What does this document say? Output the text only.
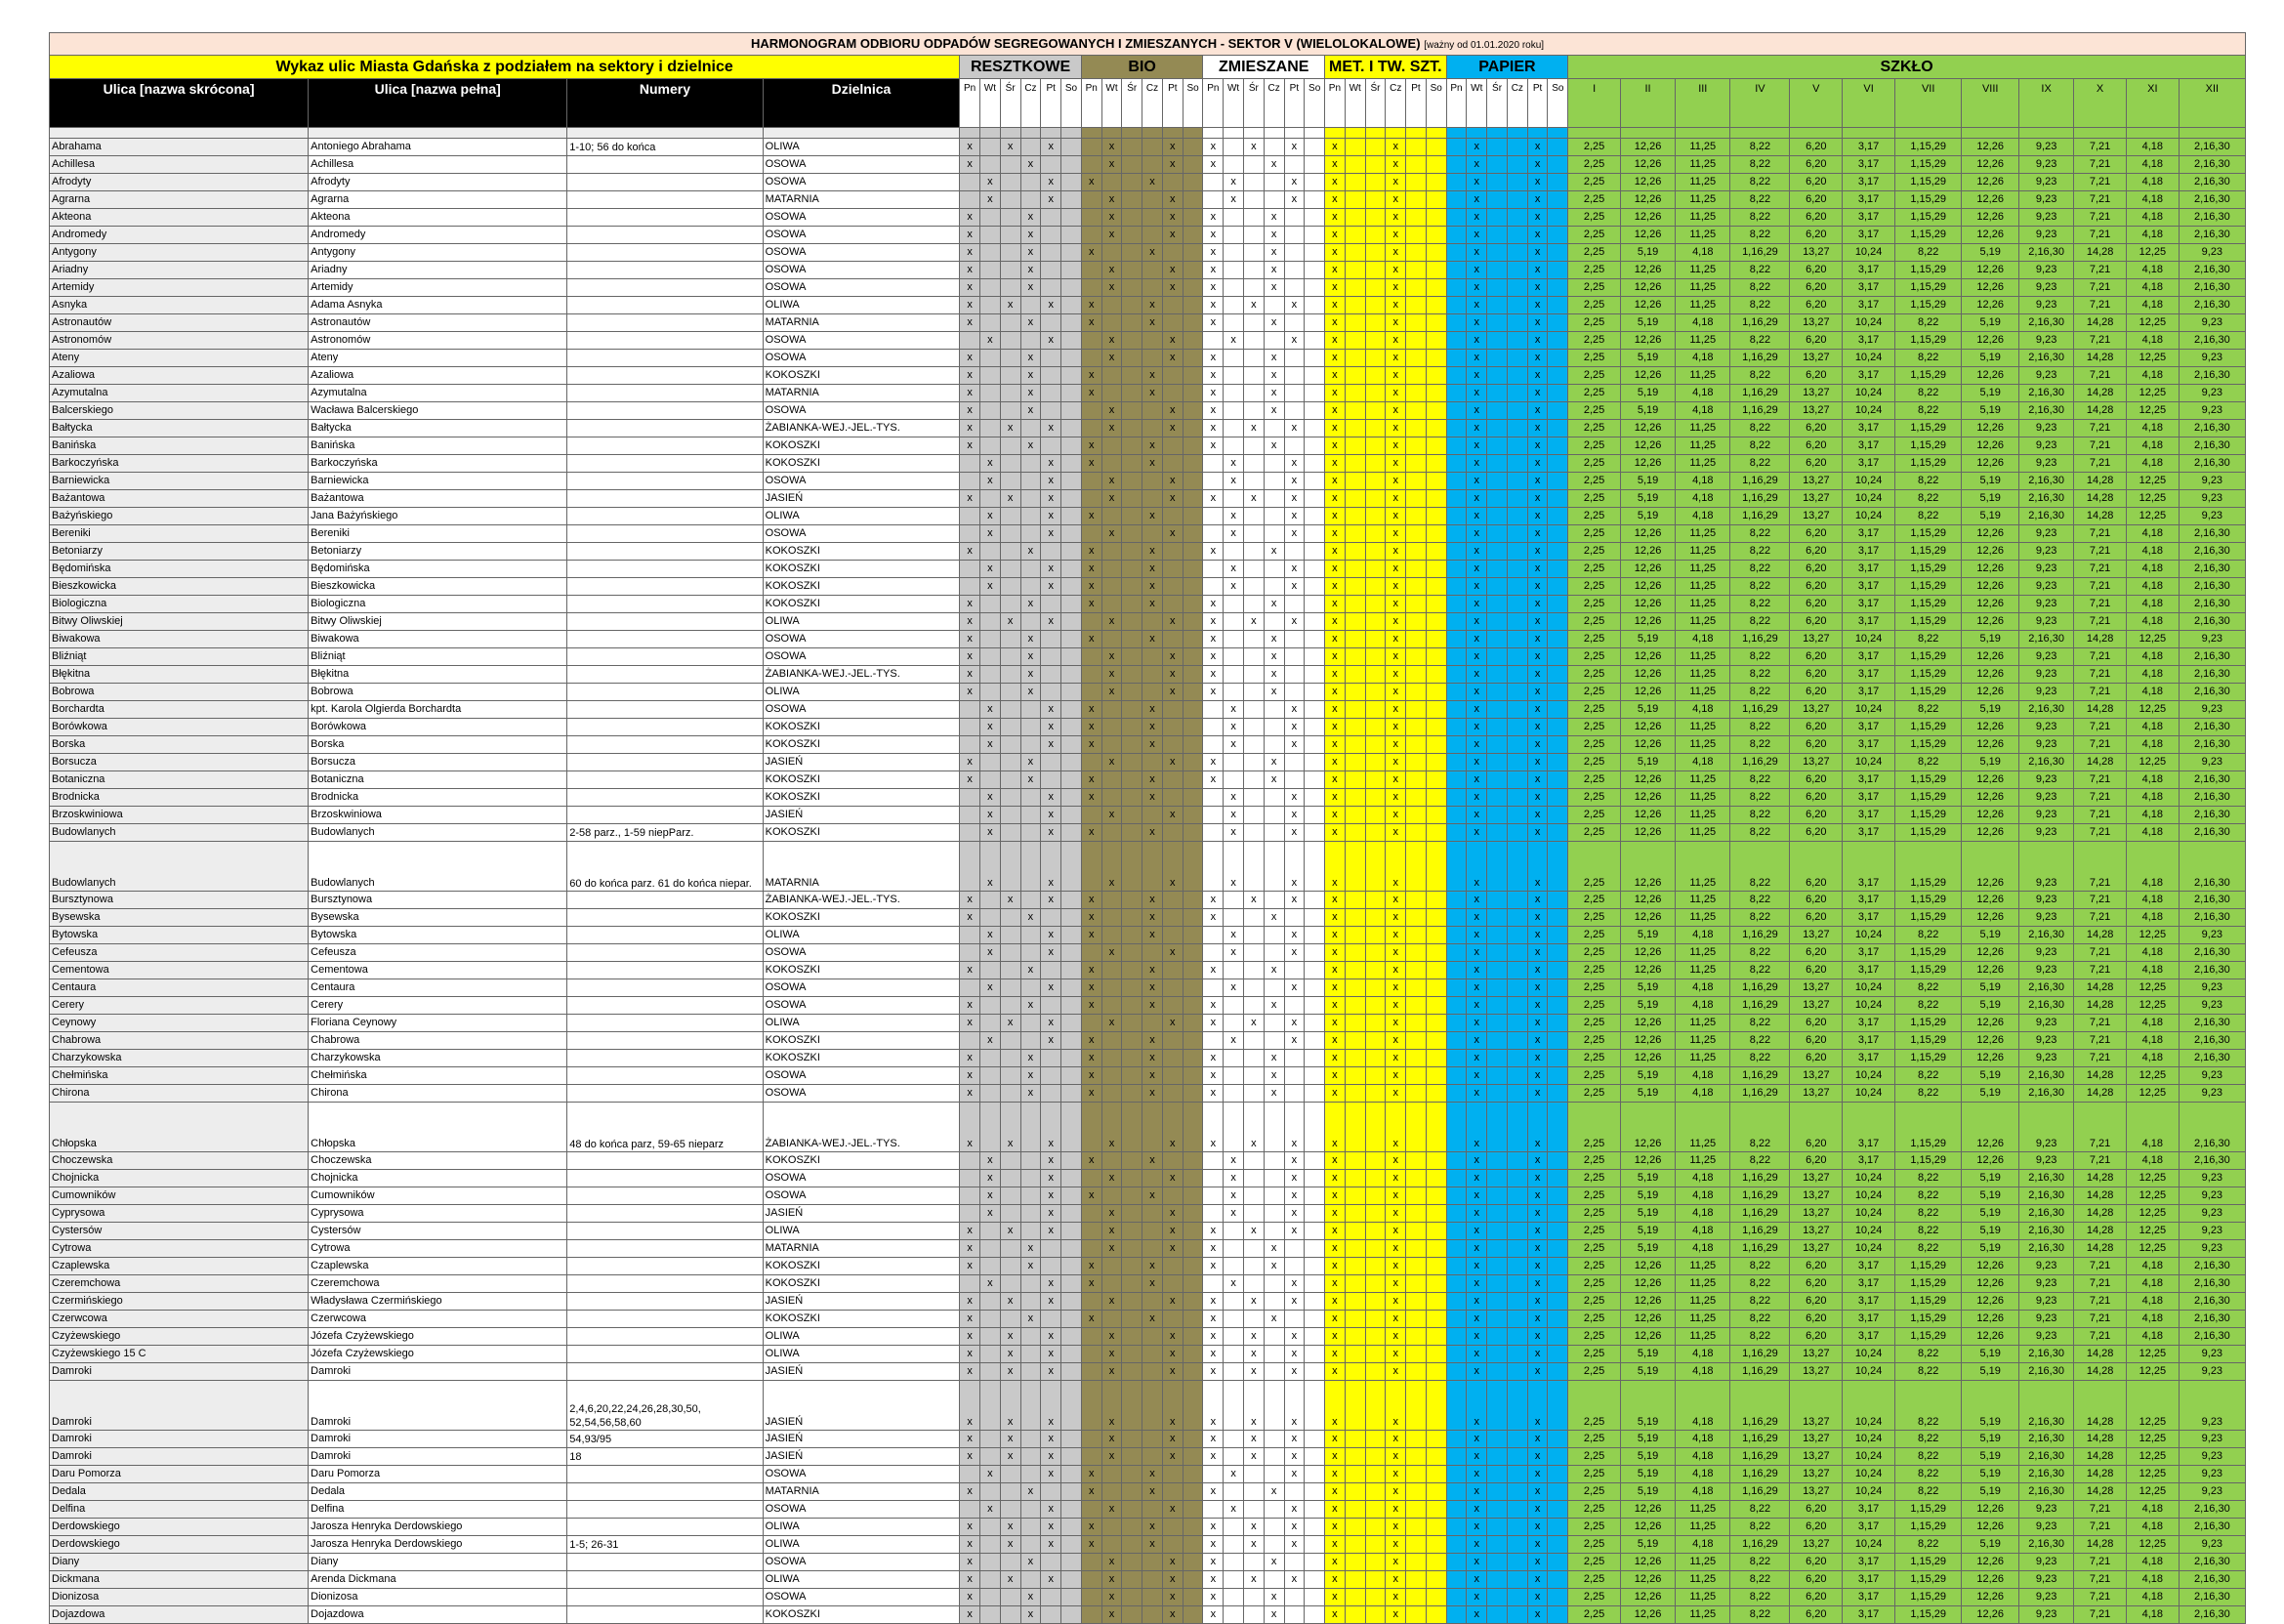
HARMONOGRAM ODBIORU ODPADÓW SEGREGOWANYCH I ZMIESZANYCH - SEKTOR V (WIELOLOKALOWE) [ważny od 01.01.2020 roku]																																													
Wykaz ulic Miasta Gdańska z podziałem na sektory i dzielnice				RESZTKOWE						BIO						ZMIESZANE						MET. I TW. SZT.						PAPIER						SZKŁO											
Ulica [nazwa skrócona]	Ulica [nazwa pełna]	Numery	Dzielnica	Pn	Wt	Śr	Cz	Pt	So	Pn	Wt	Śr	Cz	Pt	So	Pn	Wt	Śr	Cz	Pt	So	Pn	Wt	Śr	Cz	Pt	So	Pn	Wt	Śr	Cz	Pt	So	I	II	III	IV	V	VI	VII	VIII	IX	X	XI	XII

Abrahama	Antoniego Abrahama	1-10; 56 do końca	OLIWA	x		x		x			x			x		x		x		x		x			x				x			x		2,25	12,26	11,25	8,22	6,20	3,17	1,15,29	12,26	9,23	7,21	4,18	2,16,30
Achillesa	Achillesa		OSOWA	x			x				x			x		x			x			x			x				x			x		2,25	12,26	11,25	8,22	6,20	3,17	1,15,29	12,26	9,23	7,21	4,18	2,16,30
Afrodyty	Afrodyty		OSOWA		x			x		x			x				x			x		x			x				x			x		2,25	12,26	11,25	8,22	6,20	3,17	1,15,29	12,26	9,23	7,21	4,18	2,16,30
Agrarna	Agrarna		MATARNIA		x			x			x			x			x			x		x			x				x			x		2,25	12,26	11,25	8,22	6,20	3,17	1,15,29	12,26	9,23	7,21	4,18	2,16,30
Akteona	Akteona		OSOWA	x			x				x			x		x			x			x			x				x			x		2,25	12,26	11,25	8,22	6,20	3,17	1,15,29	12,26	9,23	7,21	4,18	2,16,30
Andromedy	Andromedy		OSOWA	x			x				x			x		x			x			x			x				x			x		2,25	12,26	11,25	8,22	6,20	3,17	1,15,29	12,26	9,23	7,21	4,18	2,16,30
Antygony	Antygony		OSOWA	x			x			x			x			x			x			x			x				x			x		2,25	5,19	4,18	1,16,29	13,27	10,24	8,22	5,19	2,16,30	14,28	12,25	9,23
Ariadny	Ariadny		OSOWA	x			x				x			x		x			x			x			x				x			x		2,25	12,26	11,25	8,22	6,20	3,17	1,15,29	12,26	9,23	7,21	4,18	2,16,30
Artemidy	Artemidy		OSOWA	x			x				x			x		x			x			x			x				x			x		2,25	12,26	11,25	8,22	6,20	3,17	1,15,29	12,26	9,23	7,21	4,18	2,16,30
Asnyka	Adama Asnyka		OLIWA	x		x		x		x			x			x		x		x		x			x				x			x		2,25	12,26	11,25	8,22	6,20	3,17	1,15,29	12,26	9,23	7,21	4,18	2,16,30
Astronautów	Astronautów		MATARNIA	x			x			x			x			x			x			x			x				x			x		2,25	5,19	4,18	1,16,29	13,27	10,24	8,22	5,19	2,16,30	14,28	12,25	9,23
Astronomów	Astronomów		OSOWA		x			x			x			x			x			x		x			x				x			x		2,25	12,26	11,25	8,22	6,20	3,17	1,15,29	12,26	9,23	7,21	4,18	2,16,30
Ateny	Ateny		OSOWA	x			x				x			x		x			x			x			x				x			x		2,25	5,19	4,18	1,16,29	13,27	10,24	8,22	5,19	2,16,30	14,28	12,25	9,23
Azaliowa	Azaliowa		KOKOSZKI	x			x			x			x			x			x			x			x				x			x		2,25	12,26	11,25	8,22	6,20	3,17	1,15,29	12,26	9,23	7,21	4,18	2,16,30
Azymutalna	Azymutalna		MATARNIA	x			x			x			x			x			x			x			x				x			x		2,25	5,19	4,18	1,16,29	13,27	10,24	8,22	5,19	2,16,30	14,28	12,25	9,23
Balcerskiego	Wacława Balcerskiego		OSOWA	x			x				x			x		x			x			x			x				x			x		2,25	5,19	4,18	1,16,29	13,27	10,24	8,22	5,19	2,16,30	14,28	12,25	9,23
Bałtycka	Bałtycka		ŻABIANKA-WEJ.-JEL.-TYS.	x		x		x			x			x		x		x		x		x			x				x			x		2,25	12,26	11,25	8,22	6,20	3,17	1,15,29	12,26	9,23	7,21	4,18	2,16,30
Banińska	Banińska		KOKOSZKI	x			x			x			x			x			x			x			x				x			x		2,25	12,26	11,25	8,22	6,20	3,17	1,15,29	12,26	9,23	7,21	4,18	2,16,30
Barkoczyńska	Barkoczyńska		KOKOSZKI		x			x		x			x				x			x		x			x				x			x		2,25	12,26	11,25	8,22	6,20	3,17	1,15,29	12,26	9,23	7,21	4,18	2,16,30
Barniewicka	Barniewicka		OSOWA		x			x			x			x			x			x		x			x				x			x		2,25	5,19	4,18	1,16,29	13,27	10,24	8,22	5,19	2,16,30	14,28	12,25	9,23
Bażantowa	Bażantowa		JASIEŃ	x		x		x			x			x		x		x		x		x			x				x			x		2,25	5,19	4,18	1,16,29	13,27	10,24	8,22	5,19	2,16,30	14,28	12,25	9,23
Bażyńskiego	Jana Bażyńskiego		OLIWA		x			x		x			x				x			x		x			x				x			x		2,25	5,19	4,18	1,16,29	13,27	10,24	8,22	5,19	2,16,30	14,28	12,25	9,23
Bereniki	Bereniki		OSOWA		x			x			x			x			x			x		x			x				x			x		2,25	12,26	11,25	8,22	6,20	3,17	1,15,29	12,26	9,23	7,21	4,18	2,16,30
Betoniarzy	Betoniarzy		KOKOSZKI	x			x			x			x			x			x			x			x				x			x		2,25	12,26	11,25	8,22	6,20	3,17	1,15,29	12,26	9,23	7,21	4,18	2,16,30
Będomińska	Będomińska		KOKOSZKI		x			x		x			x				x			x		x			x				x			x		2,25	12,26	11,25	8,22	6,20	3,17	1,15,29	12,26	9,23	7,21	4,18	2,16,30
Bieszkowicka	Bieszkowicka		KOKOSZKI		x			x		x			x				x			x		x			x				x			x		2,25	12,26	11,25	8,22	6,20	3,17	1,15,29	12,26	9,23	7,21	4,18	2,16,30
Biologiczna	Biologiczna		KOKOSZKI	x			x			x			x			x			x			x			x				x			x		2,25	12,26	11,25	8,22	6,20	3,17	1,15,29	12,26	9,23	7,21	4,18	2,16,30
Bitwy Oliwskiej	Bitwy Oliwskiej		OLIWA	x		x		x			x			x		x		x		x		x			x				x			x		2,25	12,26	11,25	8,22	6,20	3,17	1,15,29	12,26	9,23	7,21	4,18	2,16,30
Biwakowa	Biwakowa		OSOWA	x			x			x			x			x			x			x			x				x			x		2,25	5,19	4,18	1,16,29	13,27	10,24	8,22	5,19	2,16,30	14,28	12,25	9,23
Bliźniąt	Bliźniąt		OSOWA	x			x				x			x		x			x			x			x				x			x		2,25	12,26	11,25	8,22	6,20	3,17	1,15,29	12,26	9,23	7,21	4,18	2,16,30
Błękitna	Błękitna		ŻABIANKA-WEJ.-JEL.-TYS.	x			x				x			x		x			x			x			x				x			x		2,25	12,26	11,25	8,22	6,20	3,17	1,15,29	12,26	9,23	7,21	4,18	2,16,30
Bobrowa	Bobrowa		OLIWA	x			x				x			x		x			x			x			x				x			x		2,25	12,26	11,25	8,22	6,20	3,17	1,15,29	12,26	9,23	7,21	4,18	2,16,30
Borchardta	kpt. Karola Olgierda Borchardta		OSOWA		x			x		x			x				x			x		x			x				x			x		2,25	5,19	4,18	1,16,29	13,27	10,24	8,22	5,19	2,16,30	14,28	12,25	9,23
Borówkowa	Borówkowa		KOKOSZKI		x			x		x			x				x			x		x			x				x			x		2,25	12,26	11,25	8,22	6,20	3,17	1,15,29	12,26	9,23	7,21	4,18	2,16,30
Borska	Borska		KOKOSZKI		x			x		x			x				x			x		x			x				x			x		2,25	12,26	11,25	8,22	6,20	3,17	1,15,29	12,26	9,23	7,21	4,18	2,16,30
Borsucza	Borsucza		JASIEŃ	x			x				x			x		x			x			x			x				x			x		2,25	5,19	4,18	1,16,29	13,27	10,24	8,22	5,19	2,16,30	14,28	12,25	9,23
Botaniczna	Botaniczna		KOKOSZKI	x			x			x			x			x			x			x			x				x			x		2,25	12,26	11,25	8,22	6,20	3,17	1,15,29	12,26	9,23	7,21	4,18	2,16,30
Brodnicka	Brodnicka		KOKOSZKI		x			x		x			x				x			x		x			x				x			x		2,25	12,26	11,25	8,22	6,20	3,17	1,15,29	12,26	9,23	7,21	4,18	2,16,30
Brzoskwiniowa	Brzoskwiniowa		JASIEŃ		x			x			x			x			x			x		x			x				x			x		2,25	12,26	11,25	8,22	6,20	3,17	1,15,29	12,26	9,23	7,21	4,18	2,16,30
Budowlanych	Budowlanych	2-58 parz., 1-59 niepParz.	KOKOSZKI		x			x		x			x				x			x		x			x				x			x		2,25	12,26	11,25	8,22	6,20	3,17	1,15,29	12,26	9,23	7,21	4,18	2,16,30
Budowlanych	Budowlanych	60 do końca parz. 61 do końca niepar.	MATARNIA		x			x			x			x			x			x		x			x				x			x		2,25	12,26	11,25	8,22	6,20	3,17	1,15,29	12,26	9,23	7,21	4,18	2,16,30
Bursztynowa	Bursztynowa		ŻABIANKA-WEJ.-JEL.-TYS.	x		x		x		x			x			x		x		x		x			x				x			x		2,25	12,26	11,25	8,22	6,20	3,17	1,15,29	12,26	9,23	7,21	4,18	2,16,30
Bysewska	Bysewska		KOKOSZKI	x			x			x			x			x			x			x			x				x			x		2,25	12,26	11,25	8,22	6,20	3,17	1,15,29	12,26	9,23	7,21	4,18	2,16,30
Bytowska	Bytowska		OLIWA		x			x		x			x				x			x		x			x				x			x		2,25	5,19	4,18	1,16,29	13,27	10,24	8,22	5,19	2,16,30	14,28	12,25	9,23
Cefeusza	Cefeusza		OSOWA		x			x			x			x			x			x		x			x				x			x		2,25	12,26	11,25	8,22	6,20	3,17	1,15,29	12,26	9,23	7,21	4,18	2,16,30
Cementowa	Cementowa		KOKOSZKI	x			x			x			x			x			x			x			x				x			x		2,25	12,26	11,25	8,22	6,20	3,17	1,15,29	12,26	9,23	7,21	4,18	2,16,30
Centaura	Centaura		OSOWA		x			x		x			x				x			x		x			x				x			x		2,25	5,19	4,18	1,16,29	13,27	10,24	8,22	5,19	2,16,30	14,28	12,25	9,23
Cerery	Cerery		OSOWA	x			x			x			x			x			x			x			x				x			x		2,25	5,19	4,18	1,16,29	13,27	10,24	8,22	5,19	2,16,30	14,28	12,25	9,23
Ceynowy	Floriana Ceynowy		OLIWA	x		x		x			x			x		x		x		x		x			x				x			x		2,25	12,26	11,25	8,22	6,20	3,17	1,15,29	12,26	9,23	7,21	4,18	2,16,30
Chabrowa	Chabrowa		KOKOSZKI		x			x		x			x				x			x		x			x				x			x		2,25	12,26	11,25	8,22	6,20	3,17	1,15,29	12,26	9,23	7,21	4,18	2,16,30
Charzykowska	Charzykowska		KOKOSZKI	x			x			x			x			x			x			x			x				x			x		2,25	12,26	11,25	8,22	6,20	3,17	1,15,29	12,26	9,23	7,21	4,18	2,16,30
Chełmińska	Chełmińska		OSOWA	x			x			x			x			x			x			x			x				x			x		2,25	5,19	4,18	1,16,29	13,27	10,24	8,22	5,19	2,16,30	14,28	12,25	9,23
Chirona	Chirona		OSOWA	x			x			x			x			x			x			x			x				x			x		2,25	5,19	4,18	1,16,29	13,27	10,24	8,22	5,19	2,16,30	14,28	12,25	9,23
Chłopska	Chłopska	48 do końca parz, 59-65 nieparz	ŻABIANKA-WEJ.-JEL.-TYS.	x		x		x			x			x		x		x		x		x			x				x			x		2,25	12,26	11,25	8,22	6,20	3,17	1,15,29	12,26	9,23	7,21	4,18	2,16,30
Choczewska	Choczewska		KOKOSZKI		x			x		x			x				x			x		x			x				x			x		2,25	12,26	11,25	8,22	6,20	3,17	1,15,29	12,26	9,23	7,21	4,18	2,16,30
Chojnicka	Chojnicka		OSOWA		x			x			x			x			x			x		x			x				x			x		2,25	5,19	4,18	1,16,29	13,27	10,24	8,22	5,19	2,16,30	14,28	12,25	9,23
Cumowników	Cumowników		OSOWA		x			x		x			x				x			x		x			x				x			x		2,25	5,19	4,18	1,16,29	13,27	10,24	8,22	5,19	2,16,30	14,28	12,25	9,23
Cyprysowa	Cyprysowa		JASIEŃ		x			x			x			x			x			x		x			x				x			x		2,25	5,19	4,18	1,16,29	13,27	10,24	8,22	5,19	2,16,30	14,28	12,25	9,23
Cystersów	Cystersów		OLIWA	x		x		x			x			x		x		x		x		x			x				x			x		2,25	5,19	4,18	1,16,29	13,27	10,24	8,22	5,19	2,16,30	14,28	12,25	9,23
Cytrowa	Cytrowa		MATARNIA	x			x				x			x		x			x			x			x				x			x		2,25	5,19	4,18	1,16,29	13,27	10,24	8,22	5,19	2,16,30	14,28	12,25	9,23
Czaplewska	Czaplewska		KOKOSZKI	x			x			x			x			x			x			x			x				x			x		2,25	12,26	11,25	8,22	6,20	3,17	1,15,29	12,26	9,23	7,21	4,18	2,16,30
Czeremchowa	Czeremchowa		KOKOSZKI		x			x		x			x				x			x		x			x				x			x		2,25	12,26	11,25	8,22	6,20	3,17	1,15,29	12,26	9,23	7,21	4,18	2,16,30
Czermińskiego	Władysława Czermińskiego		JASIEŃ	x		x		x			x			x		x		x		x		x			x				x			x		2,25	12,26	11,25	8,22	6,20	3,17	1,15,29	12,26	9,23	7,21	4,18	2,16,30
Czerwcowa	Czerwcowa		KOKOSZKI	x			x			x			x			x			x			x			x				x			x		2,25	12,26	11,25	8,22	6,20	3,17	1,15,29	12,26	9,23	7,21	4,18	2,16,30
Czyżewskiego	Józefa Czyżewskiego		OLIWA	x		x		x			x			x		x		x		x		x			x				x			x		2,25	12,26	11,25	8,22	6,20	3,17	1,15,29	12,26	9,23	7,21	4,18	2,16,30
Czyżewskiego 15 C	Józefa Czyżewskiego		OLIWA	x		x		x			x			x		x		x		x		x			x				x			x		2,25	5,19	4,18	1,16,29	13,27	10,24	8,22	5,19	2,16,30	14,28	12,25	9,23
Damroki	Damroki		JASIEŃ	x		x		x			x			x		x		x		x		x			x				x			x		2,25	5,19	4,18	1,16,29	13,27	10,24	8,22	5,19	2,16,30	14,28	12,25	9,23
Damroki	Damroki	2,4,6,20,22,24,26,28,30,50, 52,54,56,58,60	JASIEŃ	x		x		x			x			x		x		x		x		x			x				x			x		2,25	5,19	4,18	1,16,29	13,27	10,24	8,22	5,19	2,16,30	14,28	12,25	9,23
Damroki	Damroki	54,93/95	JASIEŃ	x		x		x			x			x		x		x		x		x			x				x			x		2,25	5,19	4,18	1,16,29	13,27	10,24	8,22	5,19	2,16,30	14,28	12,25	9,23
Damroki	Damroki	18	JASIEŃ	x		x		x			x			x		x		x		x		x			x				x			x		2,25	5,19	4,18	1,16,29	13,27	10,24	8,22	5,19	2,16,30	14,28	12,25	9,23
Daru Pomorza	Daru Pomorza		OSOWA		x			x		x			x				x			x		x			x				x			x		2,25	5,19	4,18	1,16,29	13,27	10,24	8,22	5,19	2,16,30	14,28	12,25	9,23
Dedala	Dedala		MATARNIA	x			x			x			x			x			x			x			x				x			x		2,25	5,19	4,18	1,16,29	13,27	10,24	8,22	5,19	2,16,30	14,28	12,25	9,23
Delfina	Delfina		OSOWA		x			x			x			x			x			x		x			x				x			x		2,25	12,26	11,25	8,22	6,20	3,17	1,15,29	12,26	9,23	7,21	4,18	2,16,30
Derdowskiego	Jarosza Henryka Derdowskiego		OLIWA	x		x		x		x			x			x		x		x		x			x				x			x		2,25	12,26	11,25	8,22	6,20	3,17	1,15,29	12,26	9,23	7,21	4,18	2,16,30
Derdowskiego	Jarosza Henryka Derdowskiego	1-5; 26-31	OLIWA	x		x		x		x			x			x		x		x		x			x				x			x		2,25	5,19	4,18	1,16,29	13,27	10,24	8,22	5,19	2,16,30	14,28	12,25	9,23
Diany	Diany		OSOWA	x			x				x			x		x			x			x			x				x			x		2,25	12,26	11,25	8,22	6,20	3,17	1,15,29	12,26	9,23	7,21	4,18	2,16,30
Dickmana	Arenda Dickmana		OLIWA	x		x		x			x			x		x		x		x		x			x				x			x		2,25	12,26	11,25	8,22	6,20	3,17	1,15,29	12,26	9,23	7,21	4,18	2,16,30
Dionizosa	Dionizosa		OSOWA	x			x				x			x		x			x			x			x				x			x		2,25	12,26	11,25	8,22	6,20	3,17	1,15,29	12,26	9,23	7,21	4,18	2,16,30
Dojazdowa	Dojazdowa		KOKOSZKI	x			x				x			x		x			x			x			x				x			x		2,25	12,26	11,25	8,22	6,20	3,17	1,15,29	12,26	9,23	7,21	4,18	2,16,30
